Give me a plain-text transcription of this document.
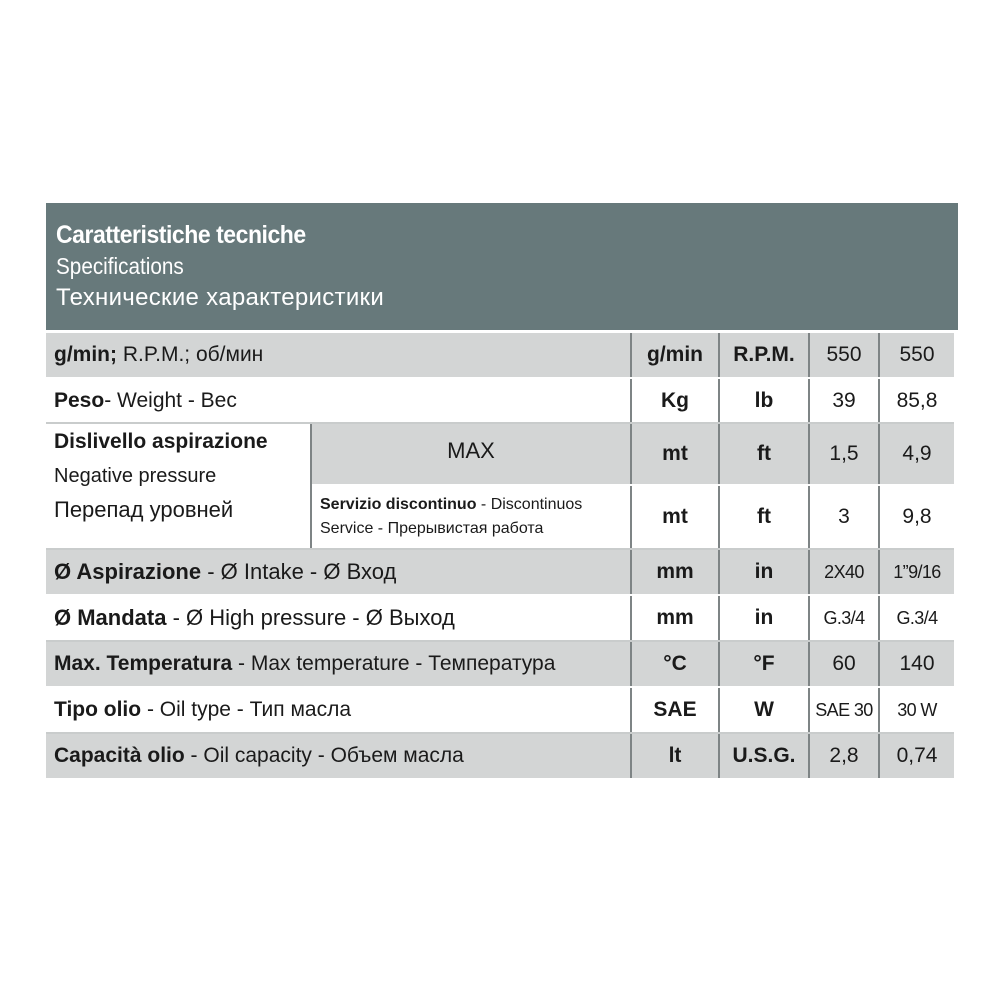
Caratteristiche tecniche
Specifications
Технические характеристики
g/min; R.P.M.; об/мин		g/min	R.P.M.	550	550
Peso- Weight - Вес		Kg	lb	39	85,8

Dislivello aspirazione
Negative pressure
Перепад уровней	MAX	mt	ft	1,5	4,9
	Servizio discontinuo - Discontinuos Service - Прерывистая работа	mt	ft	3	9,8
Ø Aspirazione - Ø Intake - Ø Вход		mm	in	2X40	1”9/16
Ø Mandata - Ø High pressure - Ø Выход		mm	in	G.3/4	G.3/4
Max. Temperatura - Max temperature - Температура		°C	°F	60	140
Tipo olio - Oil type - Тип масла		SAE	W	SAE 30	30 W
Capacità olio - Oil capacity - Объем масла		lt	U.S.G.	2,8	0,74
